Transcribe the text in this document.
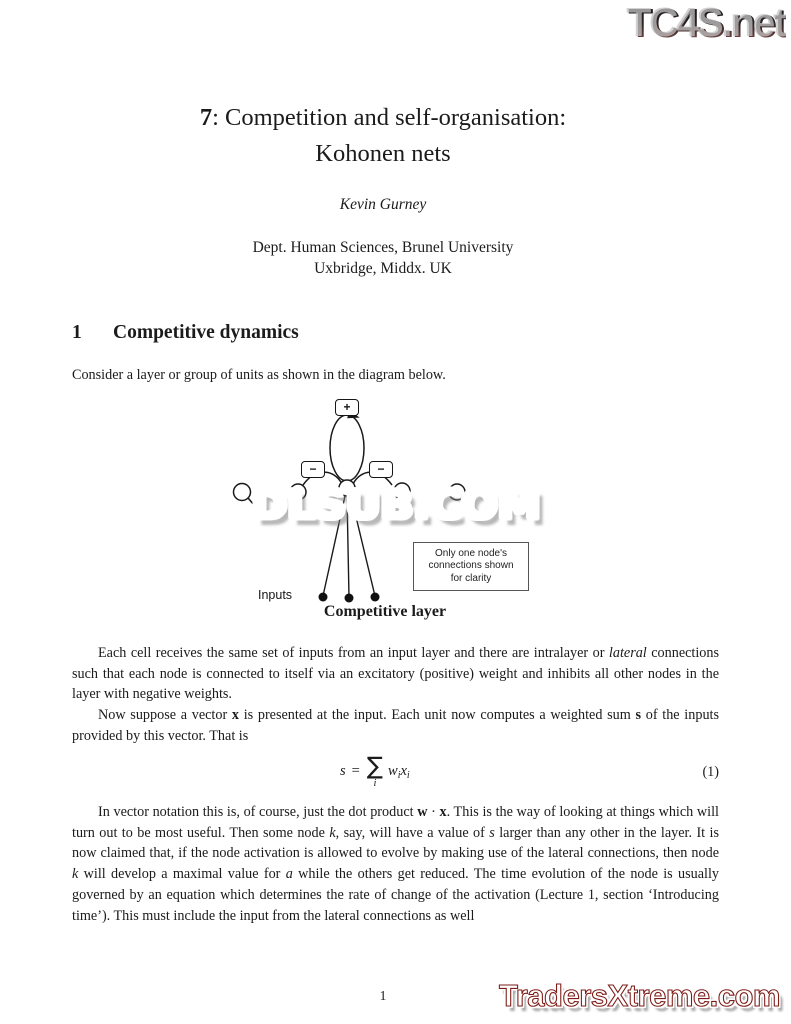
TC4S.net
7: Competition and self-organisation:
Kohonen nets
Kevin Gurney
Dept. Human Sciences, Brunel University
Uxbridge, Middx. UK
1 Competitive dynamics

Consider a layer or group of units as shown in the diagram below.

+
−	−
DLSUB.COM
Inputs
Only one node's
connections shown
for clarity
Competitive layer

Each cell receives the same set of inputs from an input layer and there are intralayer or lateral connections such that each node is connected to itself via an excitatory (positive) weight and inhibits all other nodes in the layer with negative weights.

Now suppose a vector x is presented at the input. Each unit now computes a weighted sum s of the inputs provided by this vector. That is

s = ∑
i
$w_i$ $x_i$	(1)

In vector notation this is, of course, just the dot product w · x. This is the way of looking at things which will turn out to be most useful. Then some node k, say, will have a value of s larger than any other in the layer. It is now claimed that, if the node activation is allowed to evolve by making use of the lateral connections, then node k will develop a maximal value for a while the others get reduced. The time evolution of the node is usually governed by an equation which determines the rate of change of the activation (Lecture 1, section ‘Introducing time’). This must include the input from the lateral connections as well

1	TradersXtreme.com
